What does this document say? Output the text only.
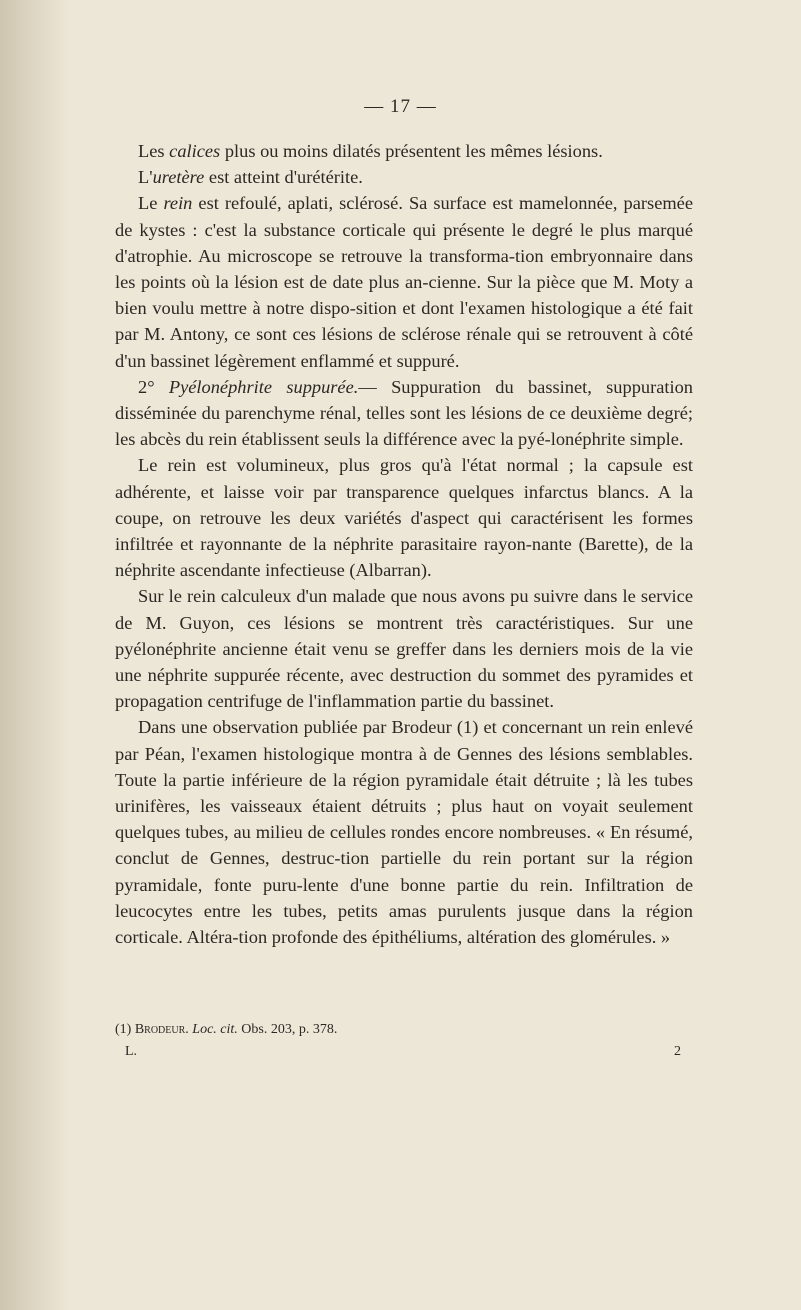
— 17 —

Les calices plus ou moins dilatés présentent les mêmes lésions.

L'uretère est atteint d'urétérite.

Le rein est refoulé, aplati, sclérosé. Sa surface est mamelonnée, parsemée de kystes : c'est la substance corticale qui présente le degré le plus marqué d'atrophie. Au microscope se retrouve la transforma-tion embryonnaire dans les points où la lésion est de date plus an-cienne. Sur la pièce que M. Moty a bien voulu mettre à notre dispo-sition et dont l'examen histologique a été fait par M. Antony, ce sont ces lésions de sclérose rénale qui se retrouvent à côté d'un bassinet légèrement enflammé et suppuré.

2° Pyélonéphrite suppurée.— Suppuration du bassinet, suppuration disséminée du parenchyme rénal, telles sont les lésions de ce deuxième degré; les abcès du rein établissent seuls la différence avec la pyé-lonéphrite simple.

Le rein est volumineux, plus gros qu'à l'état normal ; la capsule est adhérente, et laisse voir par transparence quelques infarctus blancs. A la coupe, on retrouve les deux variétés d'aspect qui caractérisent les formes infiltrée et rayonnante de la néphrite parasitaire rayon-nante (Barette), de la néphrite ascendante infectieuse (Albarran).

Sur le rein calculeux d'un malade que nous avons pu suivre dans le service de M. Guyon, ces lésions se montrent très caractéristiques. Sur une pyélonéphrite ancienne était venu se greffer dans les derniers mois de la vie une néphrite suppurée récente, avec destruction du sommet des pyramides et propagation centrifuge de l'inflammation partie du bassinet.

Dans une observation publiée par Brodeur (1) et concernant un rein enlevé par Péan, l'examen histologique montra à de Gennes des lésions semblables. Toute la partie inférieure de la région pyramidale était détruite ; là les tubes urinifères, les vaisseaux étaient détruits ; plus haut on voyait seulement quelques tubes, au milieu de cellules rondes encore nombreuses. « En résumé, conclut de Gennes, destruc-tion partielle du rein portant sur la région pyramidale, fonte puru-lente d'une bonne partie du rein. Infiltration de leucocytes entre les tubes, petits amas purulents jusque dans la région corticale. Altéra-tion profonde des épithéliums, altération des glomérules. »

(1) Brodeur. Loc. cit. Obs. 203, p. 378.
L.	2
